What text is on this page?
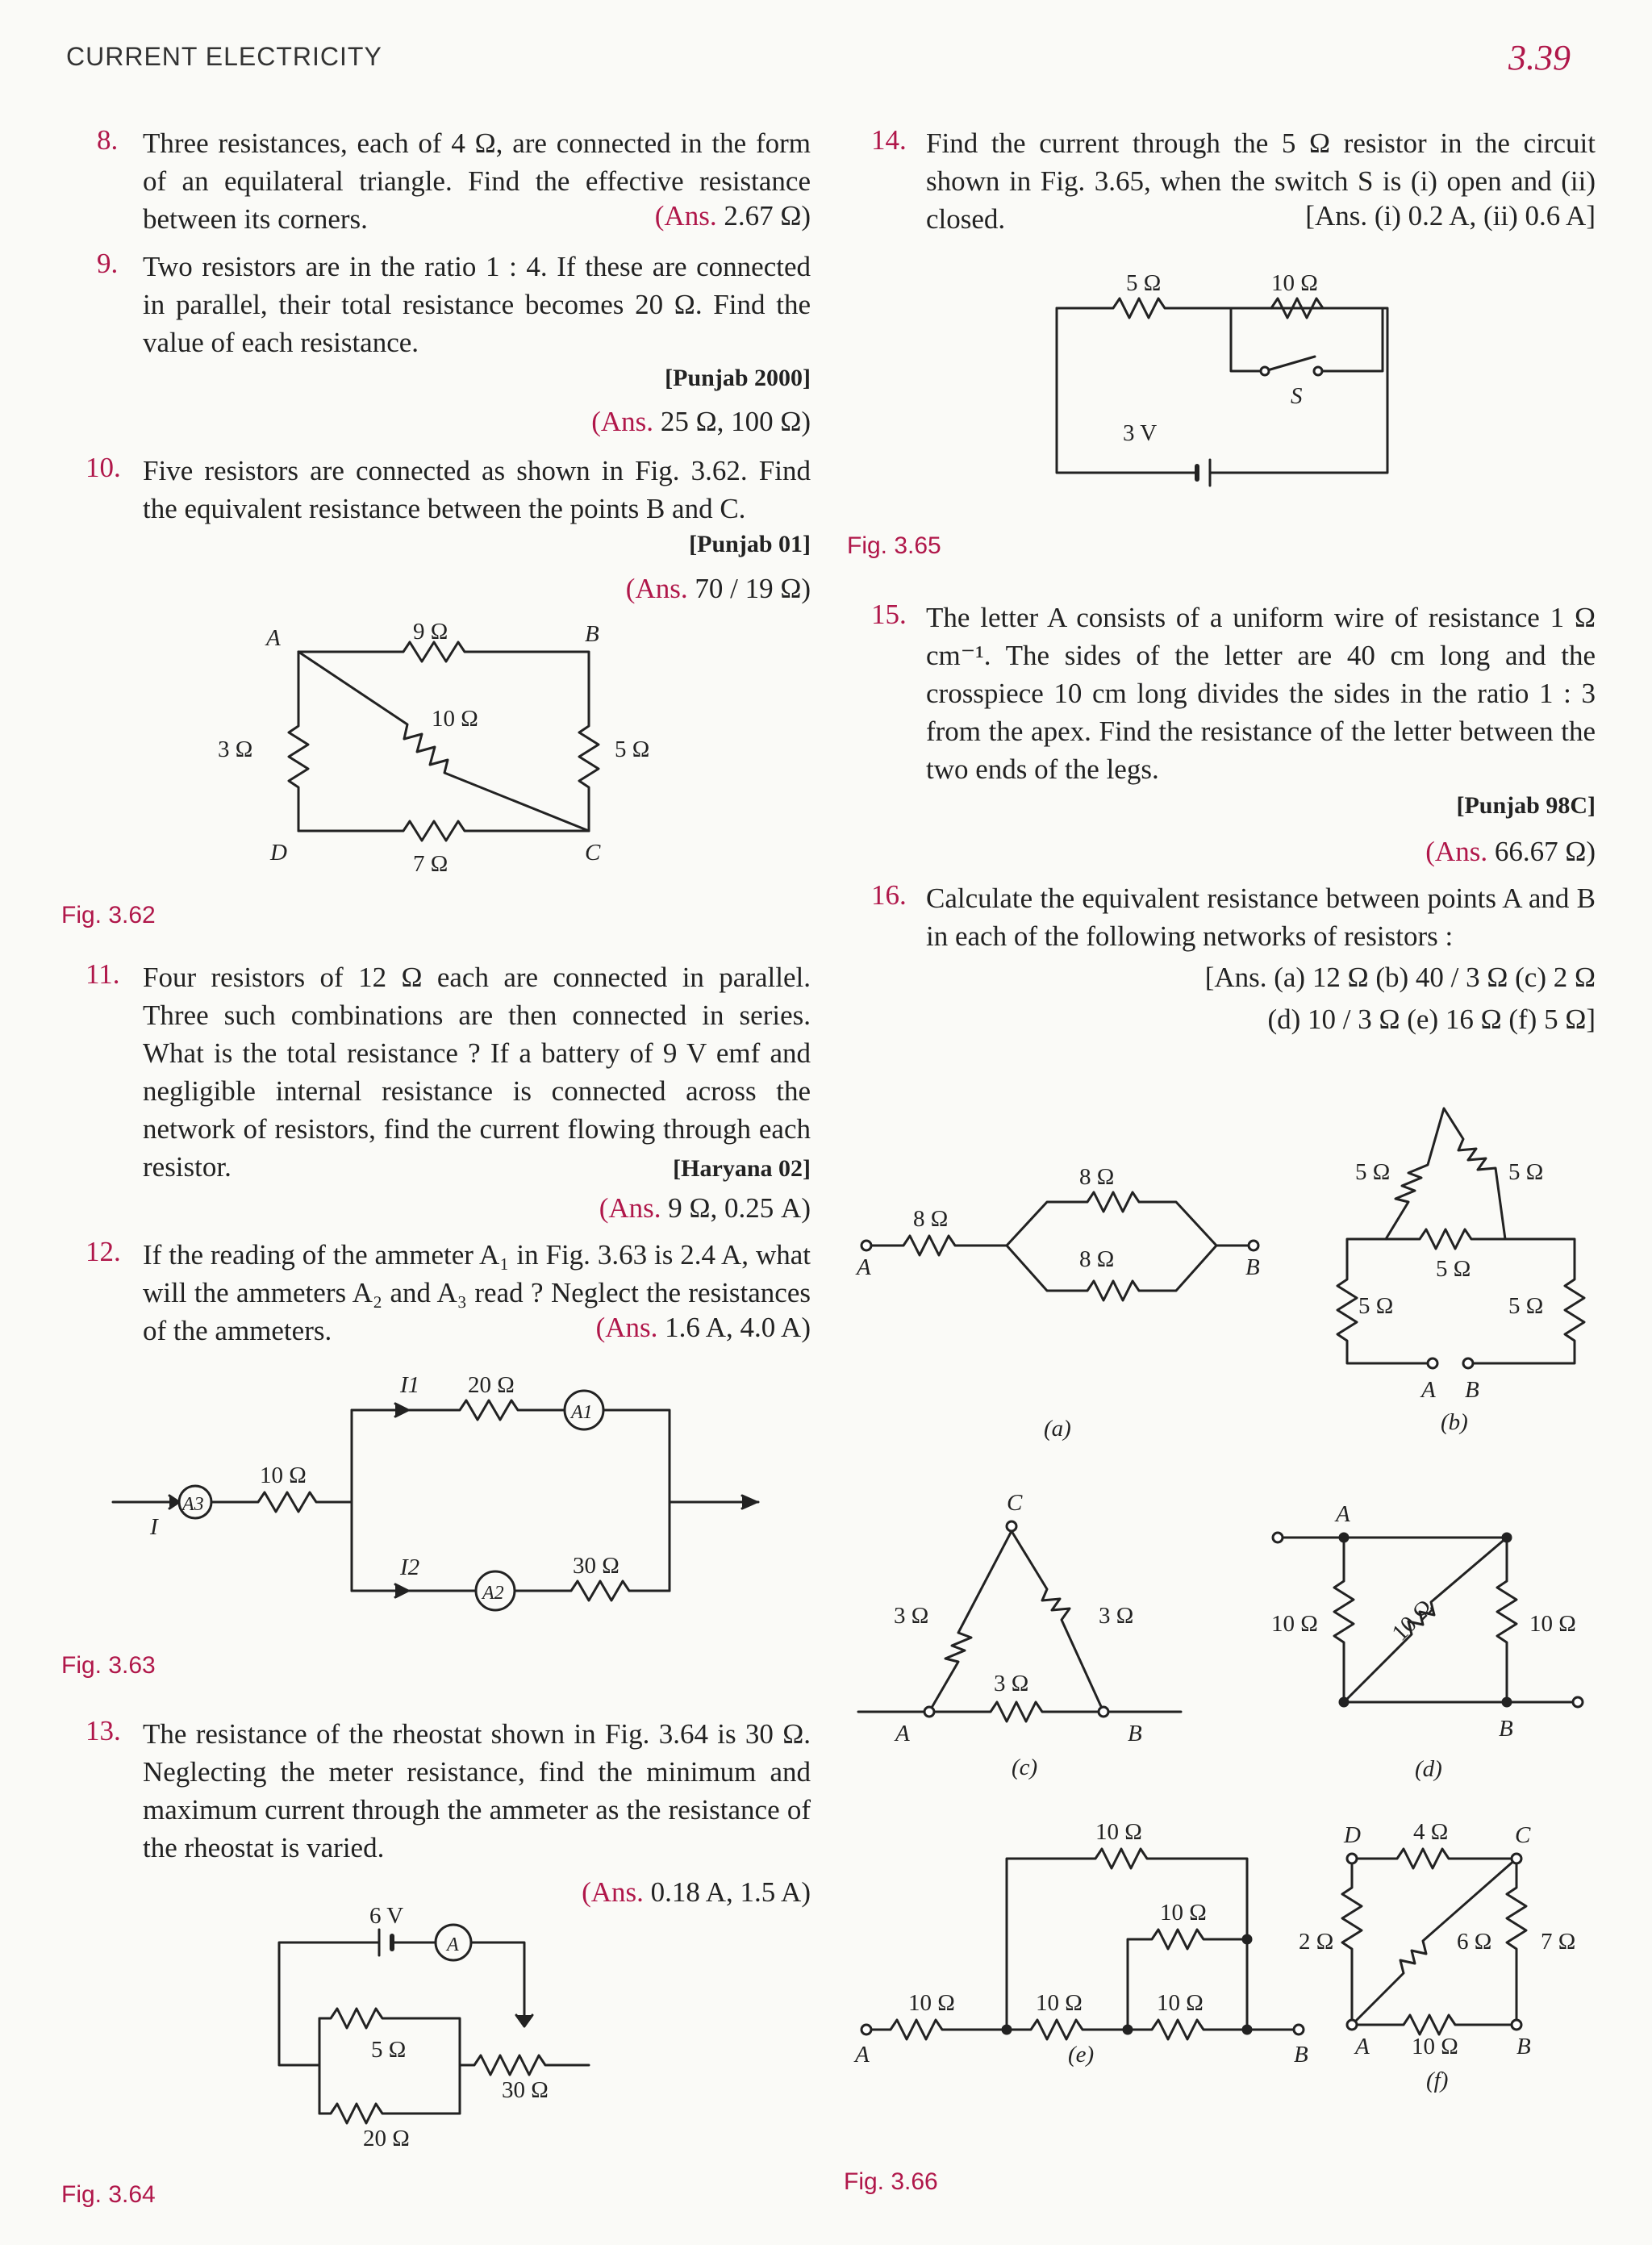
CURRENT ELECTRICITY	3.39
8. Three resistances, each of 4 Ω, are connected in the form of an equilateral triangle. Find the effective resistance between its corners.	(Ans. 2.67 Ω)
9. Two resistors are in the ratio 1 : 4. If these are connected in parallel, their total resistance becomes 20 Ω. Find the value of each resistance.
[Punjab 2000]
(Ans. 25 Ω, 100 Ω)
10. Five resistors are connected as shown in Fig. 3.62. Find the equivalent resistance between the points B and C.
[Punjab 01]
(Ans. 70 / 19 Ω)
9 Ω
10 Ω
3 Ω	5 Ω
7 Ω
A	B
C
D
Fig. 3.62
11. Four resistors of 12 Ω each are connected in parallel. Three such combinations are then connected in series. What is the total resistance ? If a battery of 9 V emf and negligible internal resistance is connected across the network of resistors, find the current flowing through each resistor.
(Ans. 9 Ω, 0.25 A)
[Haryana 02]
12. If the reading of the ammeter A₁ in Fig. 3.63 is 2.4 A, what will the ammeters A₂ and A₃ read ? Neglect the resistances of the ammeters.	(Ans. 1.6 A, 4.0 A)
20 Ω
10 Ω
30 Ω
A1
A2
A3
I
I1
I2
Fig. 3.63
13. The resistance of the rheostat shown in Fig. 3.64 is 30 Ω. Neglecting the meter resistance, find the minimum and maximum current through the ammeter as the resistance of the rheostat is varied.
(Ans. 0.18 A, 1.5 A)
6 V
A
5 Ω
20 Ω
30 Ω
Fig. 3.64
14. Find the current through the 5 Ω resistor in the circuit shown in Fig. 3.65, when the switch S is (i) open and (ii) closed.	[Ans. (i) 0.2 A, (ii) 0.6 A]
5 Ω	10 Ω
3 V
S
Fig. 3.65
15. The letter A consists of a uniform wire of resistance 1 Ω cm⁻¹. The sides of the letter are 40 cm long and the crosspiece 10 cm long divides the sides in the ratio 1 : 3 from the apex. Find the resistance of the letter between the two ends of the legs.
[Punjab 98C]
(Ans. 66.67 Ω)
16. Calculate the equivalent resistance between points A and B in each of the following networks of resistors :
[Ans. (a) 12 Ω (b) 40 / 3 Ω (c) 2 Ω
(d) 10 / 3 Ω (e) 16 Ω (f) 5 Ω]
8 Ω
8 Ω
8 Ω
A	B
(a)
5 Ω	5 Ω
5 Ω
5 Ω	5 Ω
A B
(b)
3 Ω	3 Ω
3 Ω
C
A	B
(c)
10 Ω	10 Ω
10 Ω
A
B
(d)
10 Ω
10 Ω
10 Ω	10 Ω	10 Ω
A	B
(e)
4 Ω
2 Ω	6 Ω 7 Ω
10 Ω
D	C
A	B
(f)
Fig. 3.66
